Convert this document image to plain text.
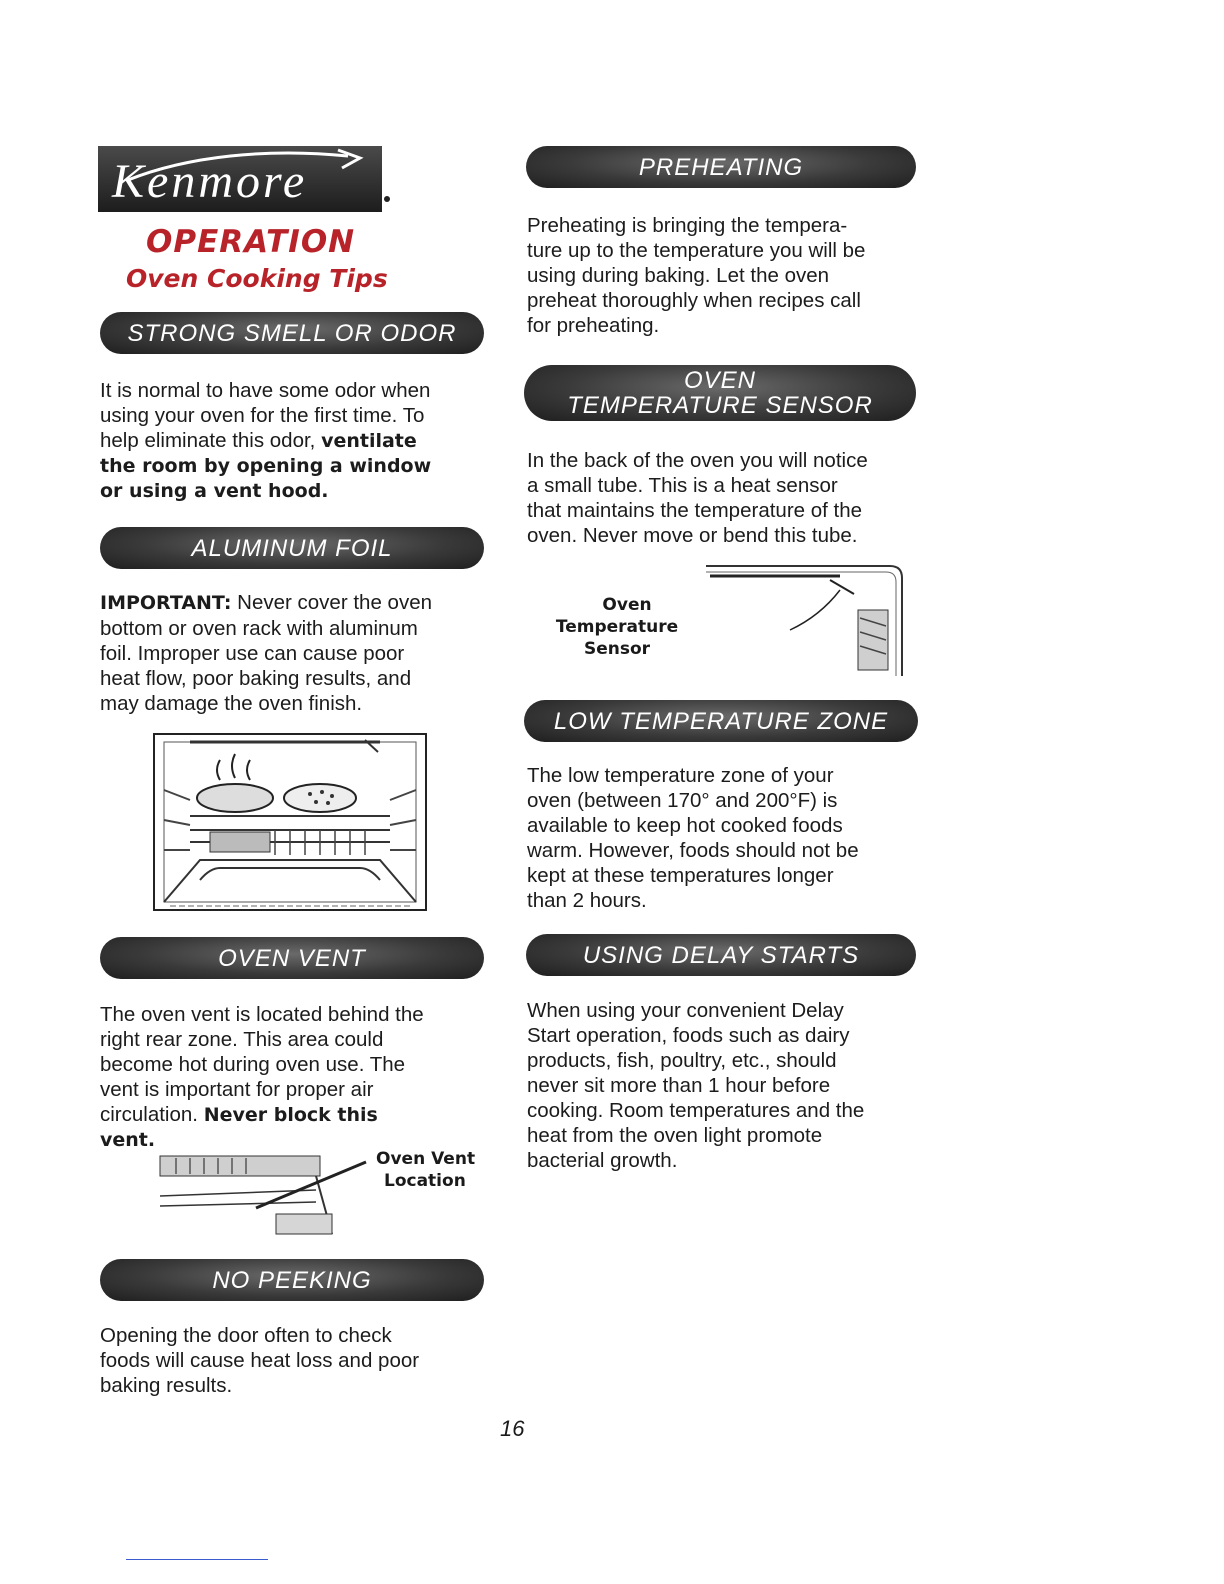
Kenmore
OPERATION
Oven Cooking Tips
STRONG SMELL OR ODOR
It is normal to have some odor when
using your oven for the first time. To
help eliminate this odor, ventilate
the room by opening a window
or using a vent hood.
ALUMINUM FOIL
IMPORTANT: Never cover the oven
bottom or oven rack with aluminum
foil. Improper use can cause poor
heat flow, poor baking results, and
may damage the oven finish.
OVEN VENT
The oven vent is located behind the
right rear zone. This area could
become hot during oven use. The
vent is important for proper air
circulation. Never block this
vent.
Oven Vent
Location
NO PEEKING
Opening the door often to check
foods will cause heat loss and poor
baking results.
PREHEATING
Preheating is bringing the tempera-
ture up to the temperature you will be
using during baking. Let the oven
preheat thoroughly when recipes call
for preheating.
OVEN
TEMPERATURE SENSOR
In the back of the oven you will notice
a small tube. This is a heat sensor
that maintains the temperature of the
oven. Never move or bend this tube.
Oven
Temperature Sensor
LOW TEMPERATURE ZONE
The low temperature zone of your
oven (between 170° and 200°F) is
available to keep hot cooked foods
warm. However, foods should not be
kept at these temperatures longer
than 2 hours.
USING DELAY STARTS
When using your convenient Delay
Start operation, foods such as dairy
products, fish, poultry, etc., should
never sit more than 1 hour before
cooking. Room temperatures and the
heat from the oven light promote
bacterial growth.
16
